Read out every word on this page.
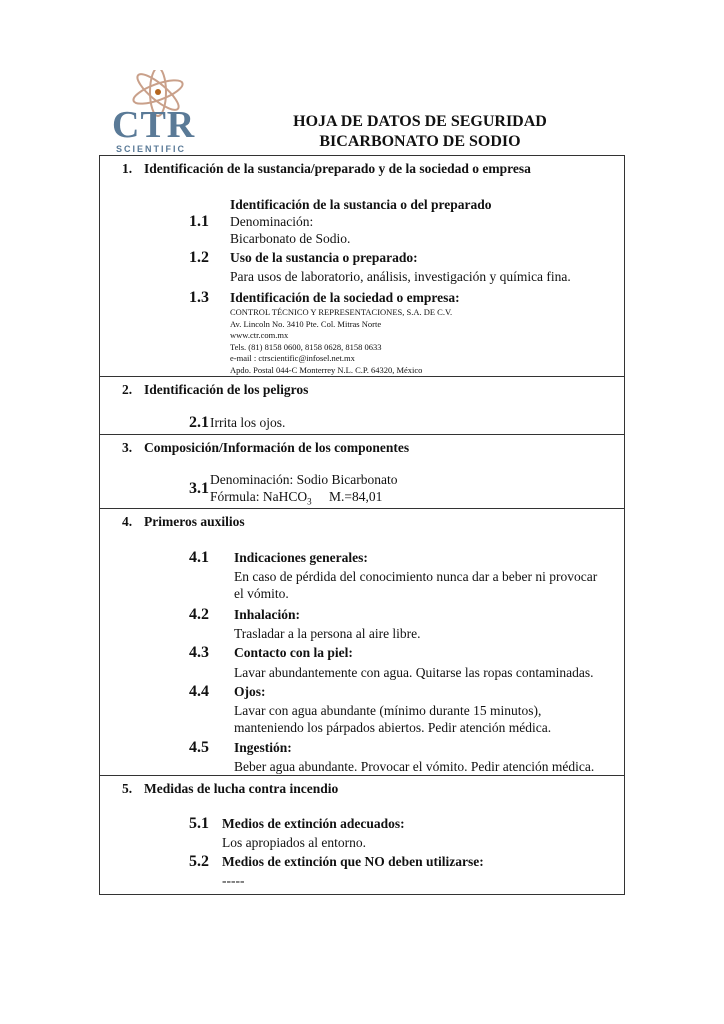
CTR
SCIENTIFIC
HOJA DE DATOS DE SEGURIDAD
BICARBONATO DE SODIO
1. Identificación de la sustancia/preparado y de la sociedad o empresa
Identificación de la sustancia o del preparado
1.1 Denominación:
Bicarbonato de Sodio.
1.2 Uso de la sustancia o preparado:
Para usos de laboratorio, análisis, investigación y química fina.
1.3 Identificación de la sociedad o empresa:
CONTROL TÉCNICO Y REPRESENTACIONES, S.A. DE C.V.
Av. Lincoln No. 3410 Pte. Col. Mitras Norte
www.ctr.com.mx
Tels. (81) 8158 0600, 8158 0628, 8158 0633
e-mail : ctrscientific@infosel.net.mx
Apdo. Postal 044-C Monterrey N.L. C.P. 64320, México
2. Identificación de los peligros
2.1 Irrita los ojos.
3. Composición/Información de los componentes
3.1
Denominación: Sodio Bicarbonato
Fórmula: NaHCO$_3$ M.=84,01
4. Primeros auxilios
4.1 Indicaciones generales:
En caso de pérdida del conocimiento nunca dar a beber ni provocar
el vómito.
4.2 Inhalación:
Trasladar a la persona al aire libre.
4.3 Contacto con la piel:
Lavar abundantemente con agua. Quitarse las ropas contaminadas.
4.4 Ojos:
Lavar con agua abundante (mínimo durante 15 minutos),
manteniendo los párpados abiertos. Pedir atención médica.
4.5 Ingestión:
Beber agua abundante. Provocar el vómito. Pedir atención médica.
5. Medidas de lucha contra incendio
5.1 Medios de extinción adecuados:
Los apropiados al entorno.
5.2 Medios de extinción que NO deben utilizarse:
-----
